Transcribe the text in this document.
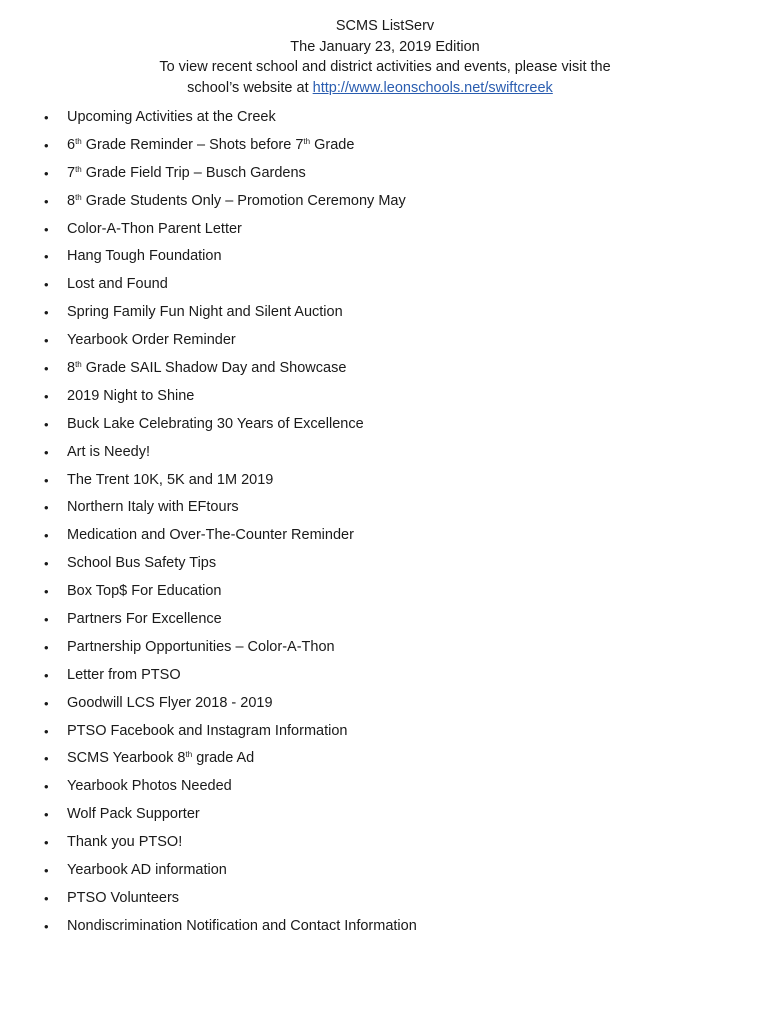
SCMS ListServ
The January 23, 2019 Edition
To view recent school and district activities and events, please visit the
school’s website at http://www.leonschools.net/swiftcreek
• Upcoming Activities at the Creek
• 6th Grade Reminder – Shots before 7th Grade
• 7th Grade Field Trip – Busch Gardens
• 8th Grade Students Only – Promotion Ceremony May
• Color-A-Thon Parent Letter
• Hang Tough Foundation
• Lost and Found
• Spring Family Fun Night and Silent Auction
• Yearbook Order Reminder
• 8th Grade SAIL Shadow Day and Showcase
• 2019 Night to Shine
• Buck Lake Celebrating 30 Years of Excellence
• Art is Needy!
• The Trent 10K, 5K and 1M 2019
• Northern Italy with EFtours
• Medication and Over-The-Counter Reminder
• School Bus Safety Tips
• Box Top$ For Education
• Partners For Excellence
• Partnership Opportunities – Color-A-Thon
• Letter from PTSO
• Goodwill LCS Flyer 2018 - 2019
• PTSO Facebook and Instagram Information
• SCMS Yearbook 8th grade Ad
• Yearbook Photos Needed
• Wolf Pack Supporter
• Thank you PTSO!
• Yearbook AD information
• PTSO Volunteers
• Nondiscrimination Notification and Contact Information
